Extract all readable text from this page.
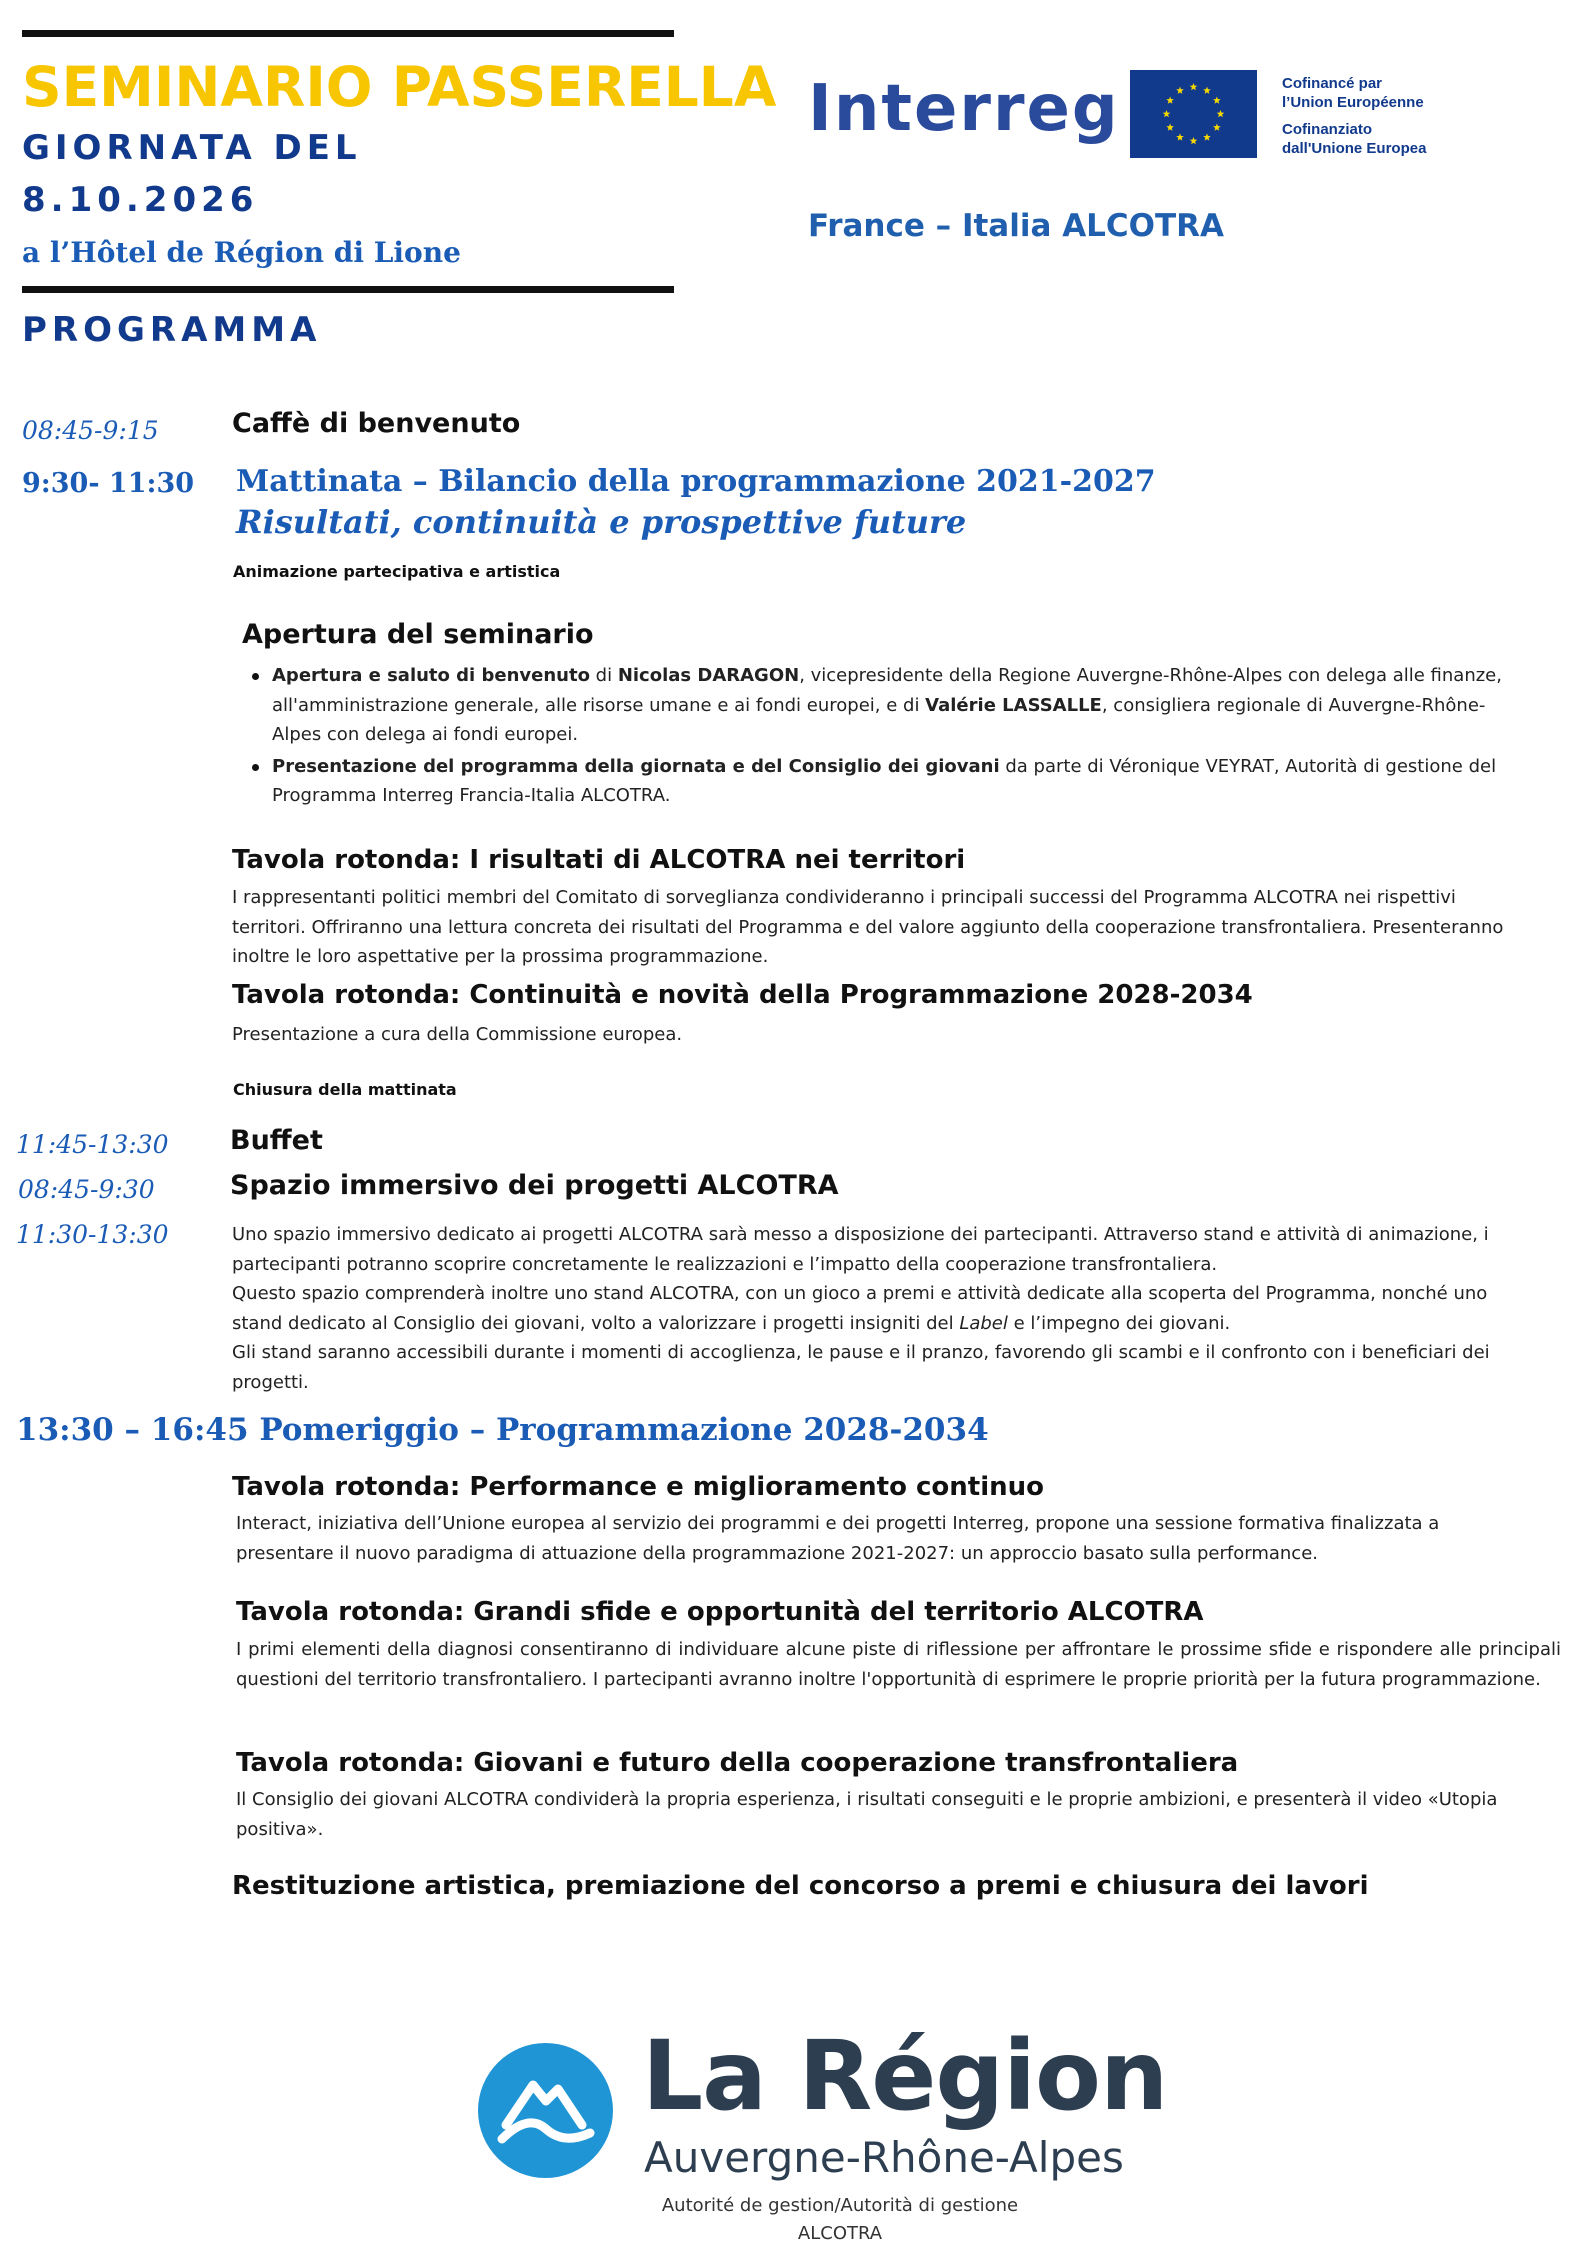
SEMINARIO PASSERELLA
GIORNATA DEL
8.10.2026
a l’Hôtel de Région di Lione
PROGRAMMA
Interreg	Cofinancé par
l’Union Européenne
Cofinanziato
dall'Unione Europea
France – Italia ALCOTRA
08:45-9:15	Caffè di benvenuto
9:30- 11:30 Mattinata – Bilancio della programmazione 2021-2027
Risultati, continuità e prospettive future
Animazione partecipativa e artistica
Apertura del seminario
Apertura e saluto di benvenuto di Nicolas DARAGON, vicepresidente della Regione Auvergne-Rhône-Alpes con delega alle finanze, all'amministrazione generale, alle risorse umane e ai fondi europei, e di Valérie LASSALLE, consigliera regionale di Auvergne-Rhône-Alpes con delega ai fondi europei.
Presentazione del programma della giornata e del Consiglio dei giovani da parte di Véronique VEYRAT, Autorità di gestione del Programma Interreg Francia-Italia ALCOTRA.
Tavola rotonda: I risultati di ALCOTRA nei territori
I rappresentanti politici membri del Comitato di sorveglianza condivideranno i principali successi del Programma ALCOTRA nei rispettivi territori. Offriranno una lettura concreta dei risultati del Programma e del valore aggiunto della cooperazione transfrontaliera. Presenteranno inoltre le loro aspettative per la prossima programmazione.
Tavola rotonda: Continuità e novità della Programmazione 2028-2034
Presentazione a cura della Commissione europea.
Chiusura della mattinata
11:45-13:30 Buffet
08:45-9:30	Spazio immersivo dei progetti ALCOTRA
11:30-13:30	Uno spazio immersivo dedicato ai progetti ALCOTRA sarà messo a disposizione dei partecipanti. Attraverso stand e attività di animazione, i partecipanti potranno scoprire concretamente le realizzazioni e l’impatto della cooperazione transfrontaliera.
Questo spazio comprenderà inoltre uno stand ALCOTRA, con un gioco a premi e attività dedicate alla scoperta del Programma, nonché uno stand dedicato al Consiglio dei giovani, volto a valorizzare i progetti insigniti del Label e l’impegno dei giovani.
Gli stand saranno accessibili durante i momenti di accoglienza, le pause e il pranzo, favorendo gli scambi e il confronto con i beneficiari dei progetti.
13:30 – 16:45 Pomeriggio – Programmazione 2028-2034
Tavola rotonda: Performance e miglioramento continuo
Interact, iniziativa dell’Unione europea al servizio dei programmi e dei progetti Interreg, propone una sessione formativa finalizzata a presentare il nuovo paradigma di attuazione della programmazione 2021-2027: un approccio basato sulla performance.
Tavola rotonda: Grandi sfide e opportunità del territorio ALCOTRA
I primi elementi della diagnosi consentiranno di individuare alcune piste di riflessione per affrontare le prossime sfide e rispondere alle principali questioni del territorio transfrontaliero. I partecipanti avranno inoltre l'opportunità di esprimere le proprie priorità per la futura programmazione.
Tavola rotonda: Giovani e futuro della cooperazione transfrontaliera
Il Consiglio dei giovani ALCOTRA condividerà la propria esperienza, i risultati conseguiti e le proprie ambizioni, e presenterà il video «Utopia positiva».
Restituzione artistica, premiazione del concorso a premi e chiusura dei lavori
La Région
Auvergne-Rhône-Alpes
Autorité de gestion/Autorità di gestione
ALCOTRA
